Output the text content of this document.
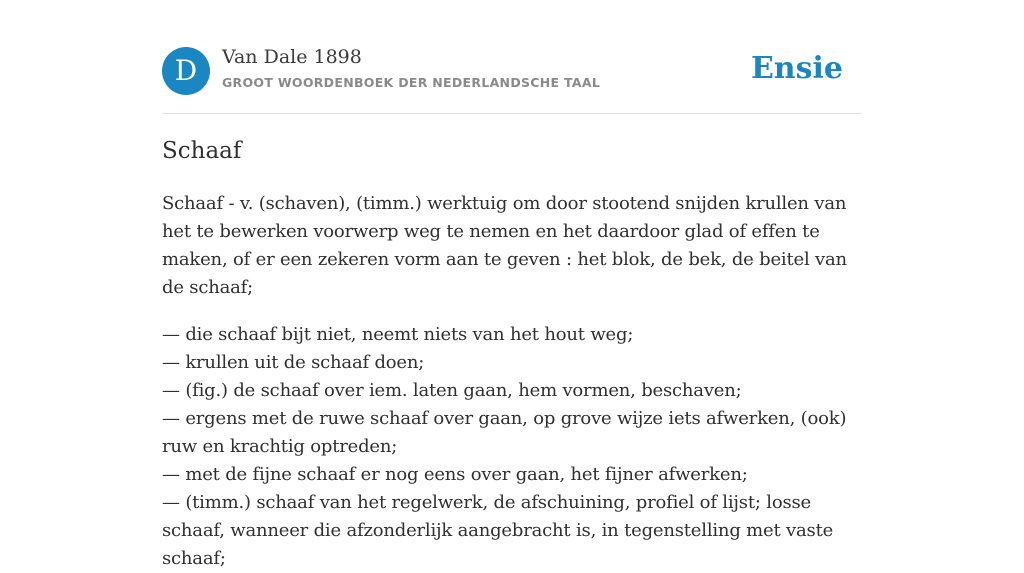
D	Van Dale 1898
GROOT WOORDENBOEK DER NEDERLANDSCHE TAAL	Ensie
Schaaf

Schaaf - v. (schaven), (timm.) werktuig om door stootend snijden krullen van het te bewerken voorwerp weg te nemen en het daardoor glad of effen te maken, of er een zekeren vorm aan te geven : het blok, de bek, de beitel van de schaaf;

— die schaaf bijt niet, neemt niets van het hout weg;
— krullen uit de schaaf doen;
— (fig.) de schaaf over iem. laten gaan, hem vormen, beschaven;
— ergens met de ruwe schaaf over gaan, op grove wijze iets afwerken, (ook) ruw en krachtig optreden;
— met de fijne schaaf er nog eens over gaan, het fijner afwerken;
— (timm.) schaaf van het regelwerk, de afschuining, profiel of lijst; losse schaaf, wanneer die afzonderlijk aangebracht is, in tegenstelling met vaste schaaf;
